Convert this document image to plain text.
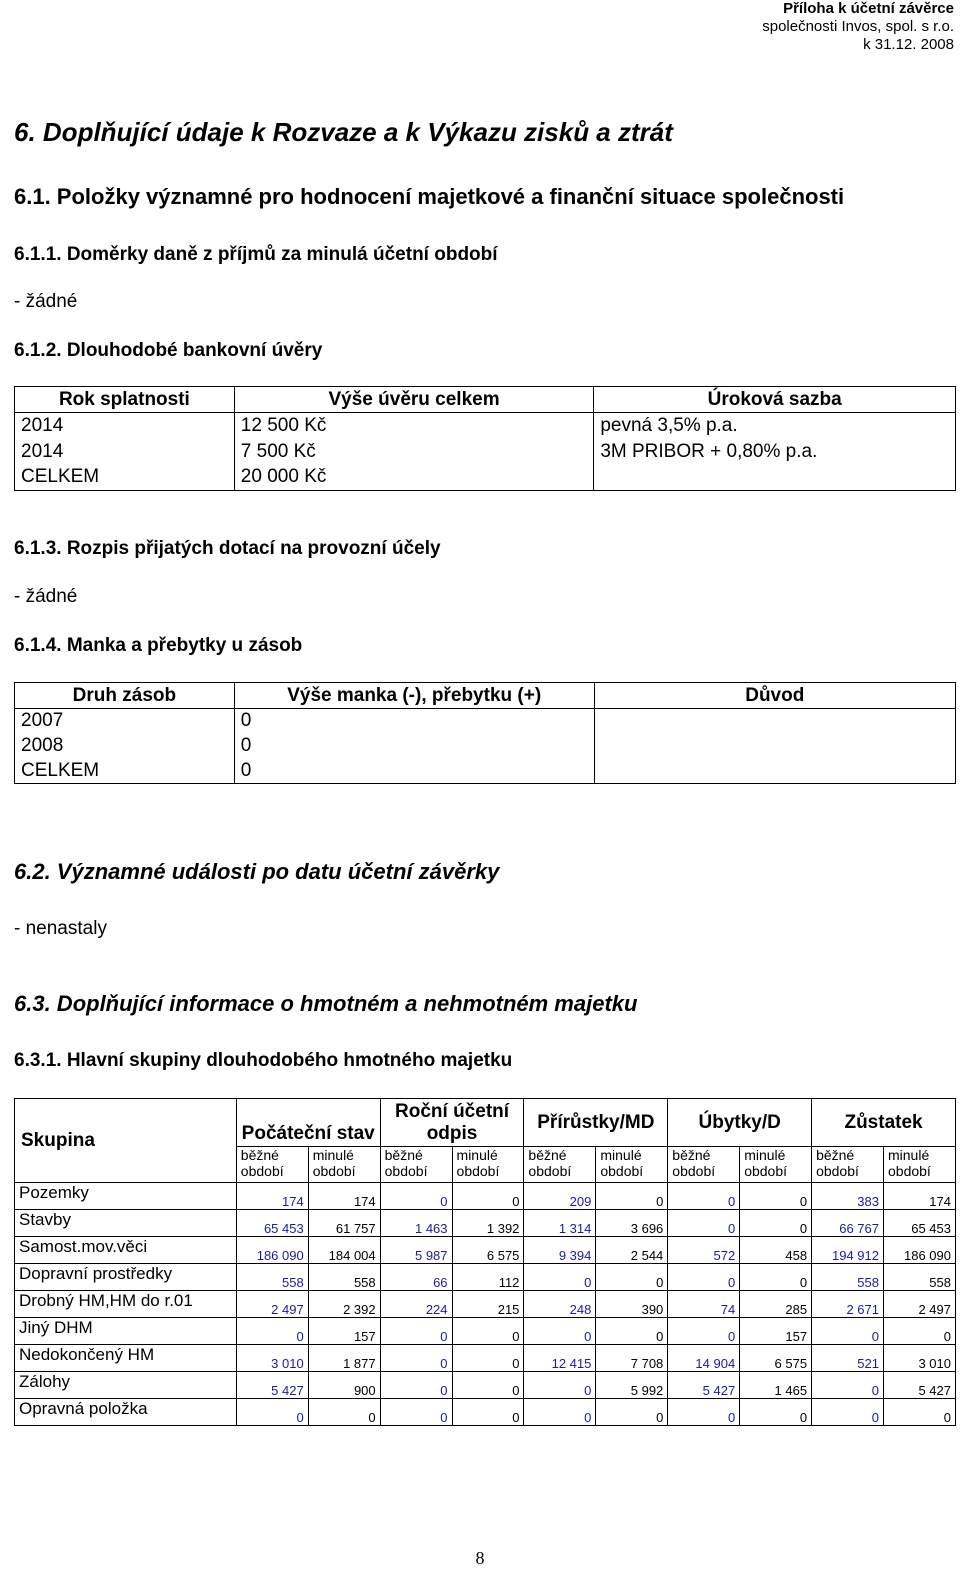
Příloha k účetní závěrce
společnosti Invos, spol. s r.o.
k 31.12. 2008
6. Doplňující údaje k Rozvaze a k Výkazu zisků a ztrát
6.1. Položky významné pro hodnocení majetkové a finanční situace společnosti
6.1.1. Doměrky daně z příjmů za minulá účetní období
- žádné
6.1.2. Dlouhodobé bankovní úvěry
Rok splatnosti	Výše úvěru celkem	Úroková sazba
2014	12 500 Kč	pevná 3,5% p.a.
2014	7 500 Kč	3M PRIBOR + 0,80% p.a.
CELKEM	20 000 Kč	
6.1.3. Rozpis přijatých dotací na provozní účely
- žádné
6.1.4. Manka a přebytky u zásob
Druh zásob	Výše manka (-), přebytku (+)	Důvod
2007	0	
2008	0	
CELKEM	0	
6.2. Významné události po datu účetní závěrky
- nenastaly
6.3. Doplňující informace o hmotném a nehmotném majetku
6.3.1. Hlavní skupiny dlouhodobého hmotného majetku
Skupina	Počáteční stav		Roční účetní odpis		Přírůstky/MD		Úbytky/D		Zůstatek	
	běžné období	minulé období	běžné období	minulé období	běžné období	minulé období	běžné období	minulé období	běžné období	minulé období
Pozemky	174	174	0	0	209	0	0	0	383	174
Stavby	65 453	61 757	1 463	1 392	1 314	3 696	0	0	66 767	65 453
Samost.mov.věci	186 090	184 004	5 987	6 575	9 394	2 544	572	458	194 912	186 090
Dopravní prostředky	558	558	66	112	0	0	0	0	558	558
Drobný HM,HM do r.01	2 497	2 392	224	215	248	390	74	285	2 671	2 497
Jiný DHM	0	157	0	0	0	0	0	157	0	0
Nedokončený HM	3 010	1 877	0	0	12 415	7 708	14 904	6 575	521	3 010
Zálohy	5 427	900	0	0	0	5 992	5 427	1 465	0	5 427
Opravná položka	0	0	0	0	0	0	0	0	0	0
8
